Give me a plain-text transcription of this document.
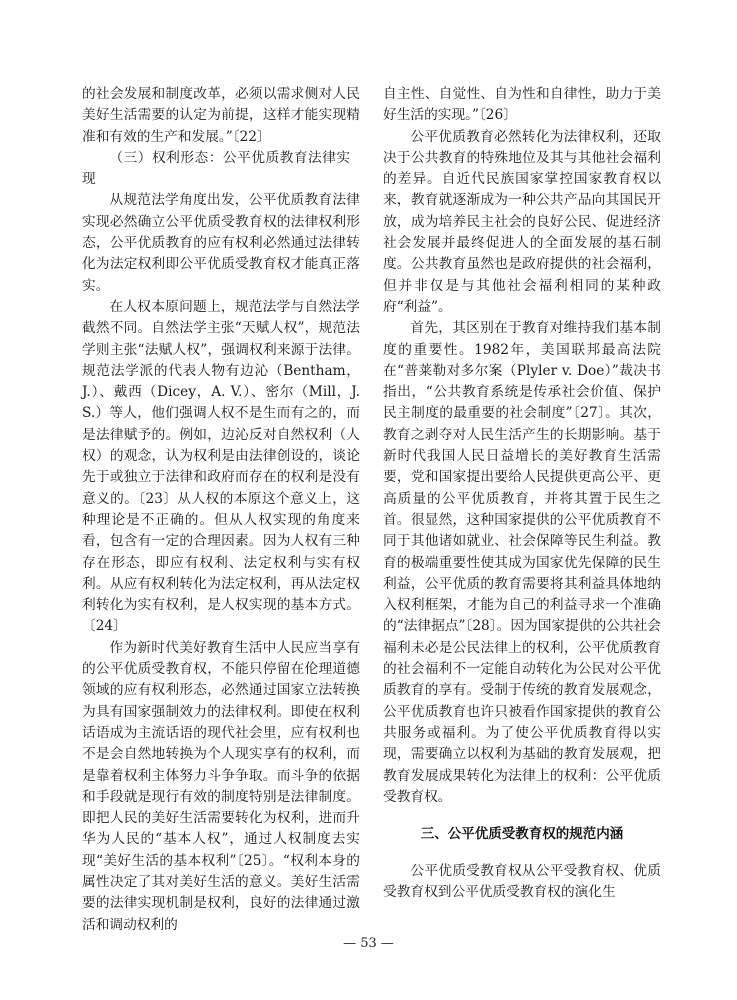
的社会发展和制度改革，必须以需求侧对人民美好生活需要的认定为前提，这样才能实现精准和有效的生产和发展。”〔22〕

（三）权利形态：公平优质教育法律实现

从规范法学角度出发，公平优质教育法律实现必然确立公平优质受教育权的法律权利形态，公平优质教育的应有权利必然通过法律转化为法定权利即公平优质受教育权才能真正落实。

在人权本原问题上，规范法学与自然法学截然不同。自然法学主张“天赋人权”，规范法学则主张“法赋人权”，强调权利来源于法律。规范法学派的代表人物有边沁（Bentham，J.）、戴西（Dicey，A. V.）、密尔（Mill，J. S.）等人，他们强调人权不是生而有之的，而是法律赋予的。例如，边沁反对自然权利（人权）的观念，认为权利是由法律创设的，谈论先于或独立于法律和政府而存在的权利是没有意义的。〔23〕从人权的本原这个意义上，这种理论是不正确的。但从人权实现的角度来看，包含有一定的合理因素。因为人权有三种存在形态，即应有权利、法定权利与实有权利。从应有权利转化为法定权利，再从法定权利转化为实有权利，是人权实现的基本方式。〔24〕

作为新时代美好教育生活中人民应当享有的公平优质受教育权，不能只停留在伦理道德领域的应有权利形态，必然通过国家立法转换为具有国家强制效力的法律权利。即使在权利话语成为主流话语的现代社会里，应有权利也不是会自然地转换为个人现实享有的权利，而是靠着权利主体努力斗争争取。而斗争的依据和手段就是现行有效的制度特别是法律制度。即把人民的美好生活需要转化为权利，进而升华为人民的“基本人权”，通过人权制度去实现“美好生活的基本权利”〔25〕。“权利本身的属性决定了其对美好生活的意义。美好生活需要的法律实现机制是权利，良好的法律通过激活和调动权利的

自主性、自觉性、自为性和自律性，助力于美好生活的实现。”〔26〕

公平优质教育必然转化为法律权利，还取决于公共教育的特殊地位及其与其他社会福利的差异。自近代民族国家掌控国家教育权以来，教育就逐渐成为一种公共产品向其国民开放，成为培养民主社会的良好公民、促进经济社会发展并最终促进人的全面发展的基石制度。公共教育虽然也是政府提供的社会福利，但并非仅是与其他社会福利相同的某种政府“利益”。

首先，其区别在于教育对维持我们基本制度的重要性。1982年，美国联邦最高法院在“普莱勒对多尔案（Plyler v. Doe）”裁决书指出，“公共教育系统是传承社会价值、保护民主制度的最重要的社会制度”〔27〕。其次，教育之剥夺对人民生活产生的长期影响。基于新时代我国人民日益增长的美好教育生活需要，党和国家提出要给人民提供更高公平、更高质量的公平优质教育，并将其置于民生之首。很显然，这种国家提供的公平优质教育不同于其他诸如就业、社会保障等民生利益。教育的极端重要性使其成为国家优先保障的民生利益，公平优质的教育需要将其利益具体地纳入权利框架，才能为自己的利益寻求一个准确的“法律据点”〔28〕。因为国家提供的公共社会福利未必是公民法律上的权利，公平优质教育的社会福利不一定能自动转化为公民对公平优质教育的享有。受制于传统的教育发展观念，公平优质教育也许只被看作国家提供的教育公共服务或福利。为了使公平优质教育得以实现，需要确立以权利为基础的教育发展观，把教育发展成果转化为法律上的权利：公平优质受教育权。

三、公平优质受教育权的规范内涵

公平优质受教育权从公平受教育权、优质受教育权到公平优质受教育权的演化生

— 53 —
